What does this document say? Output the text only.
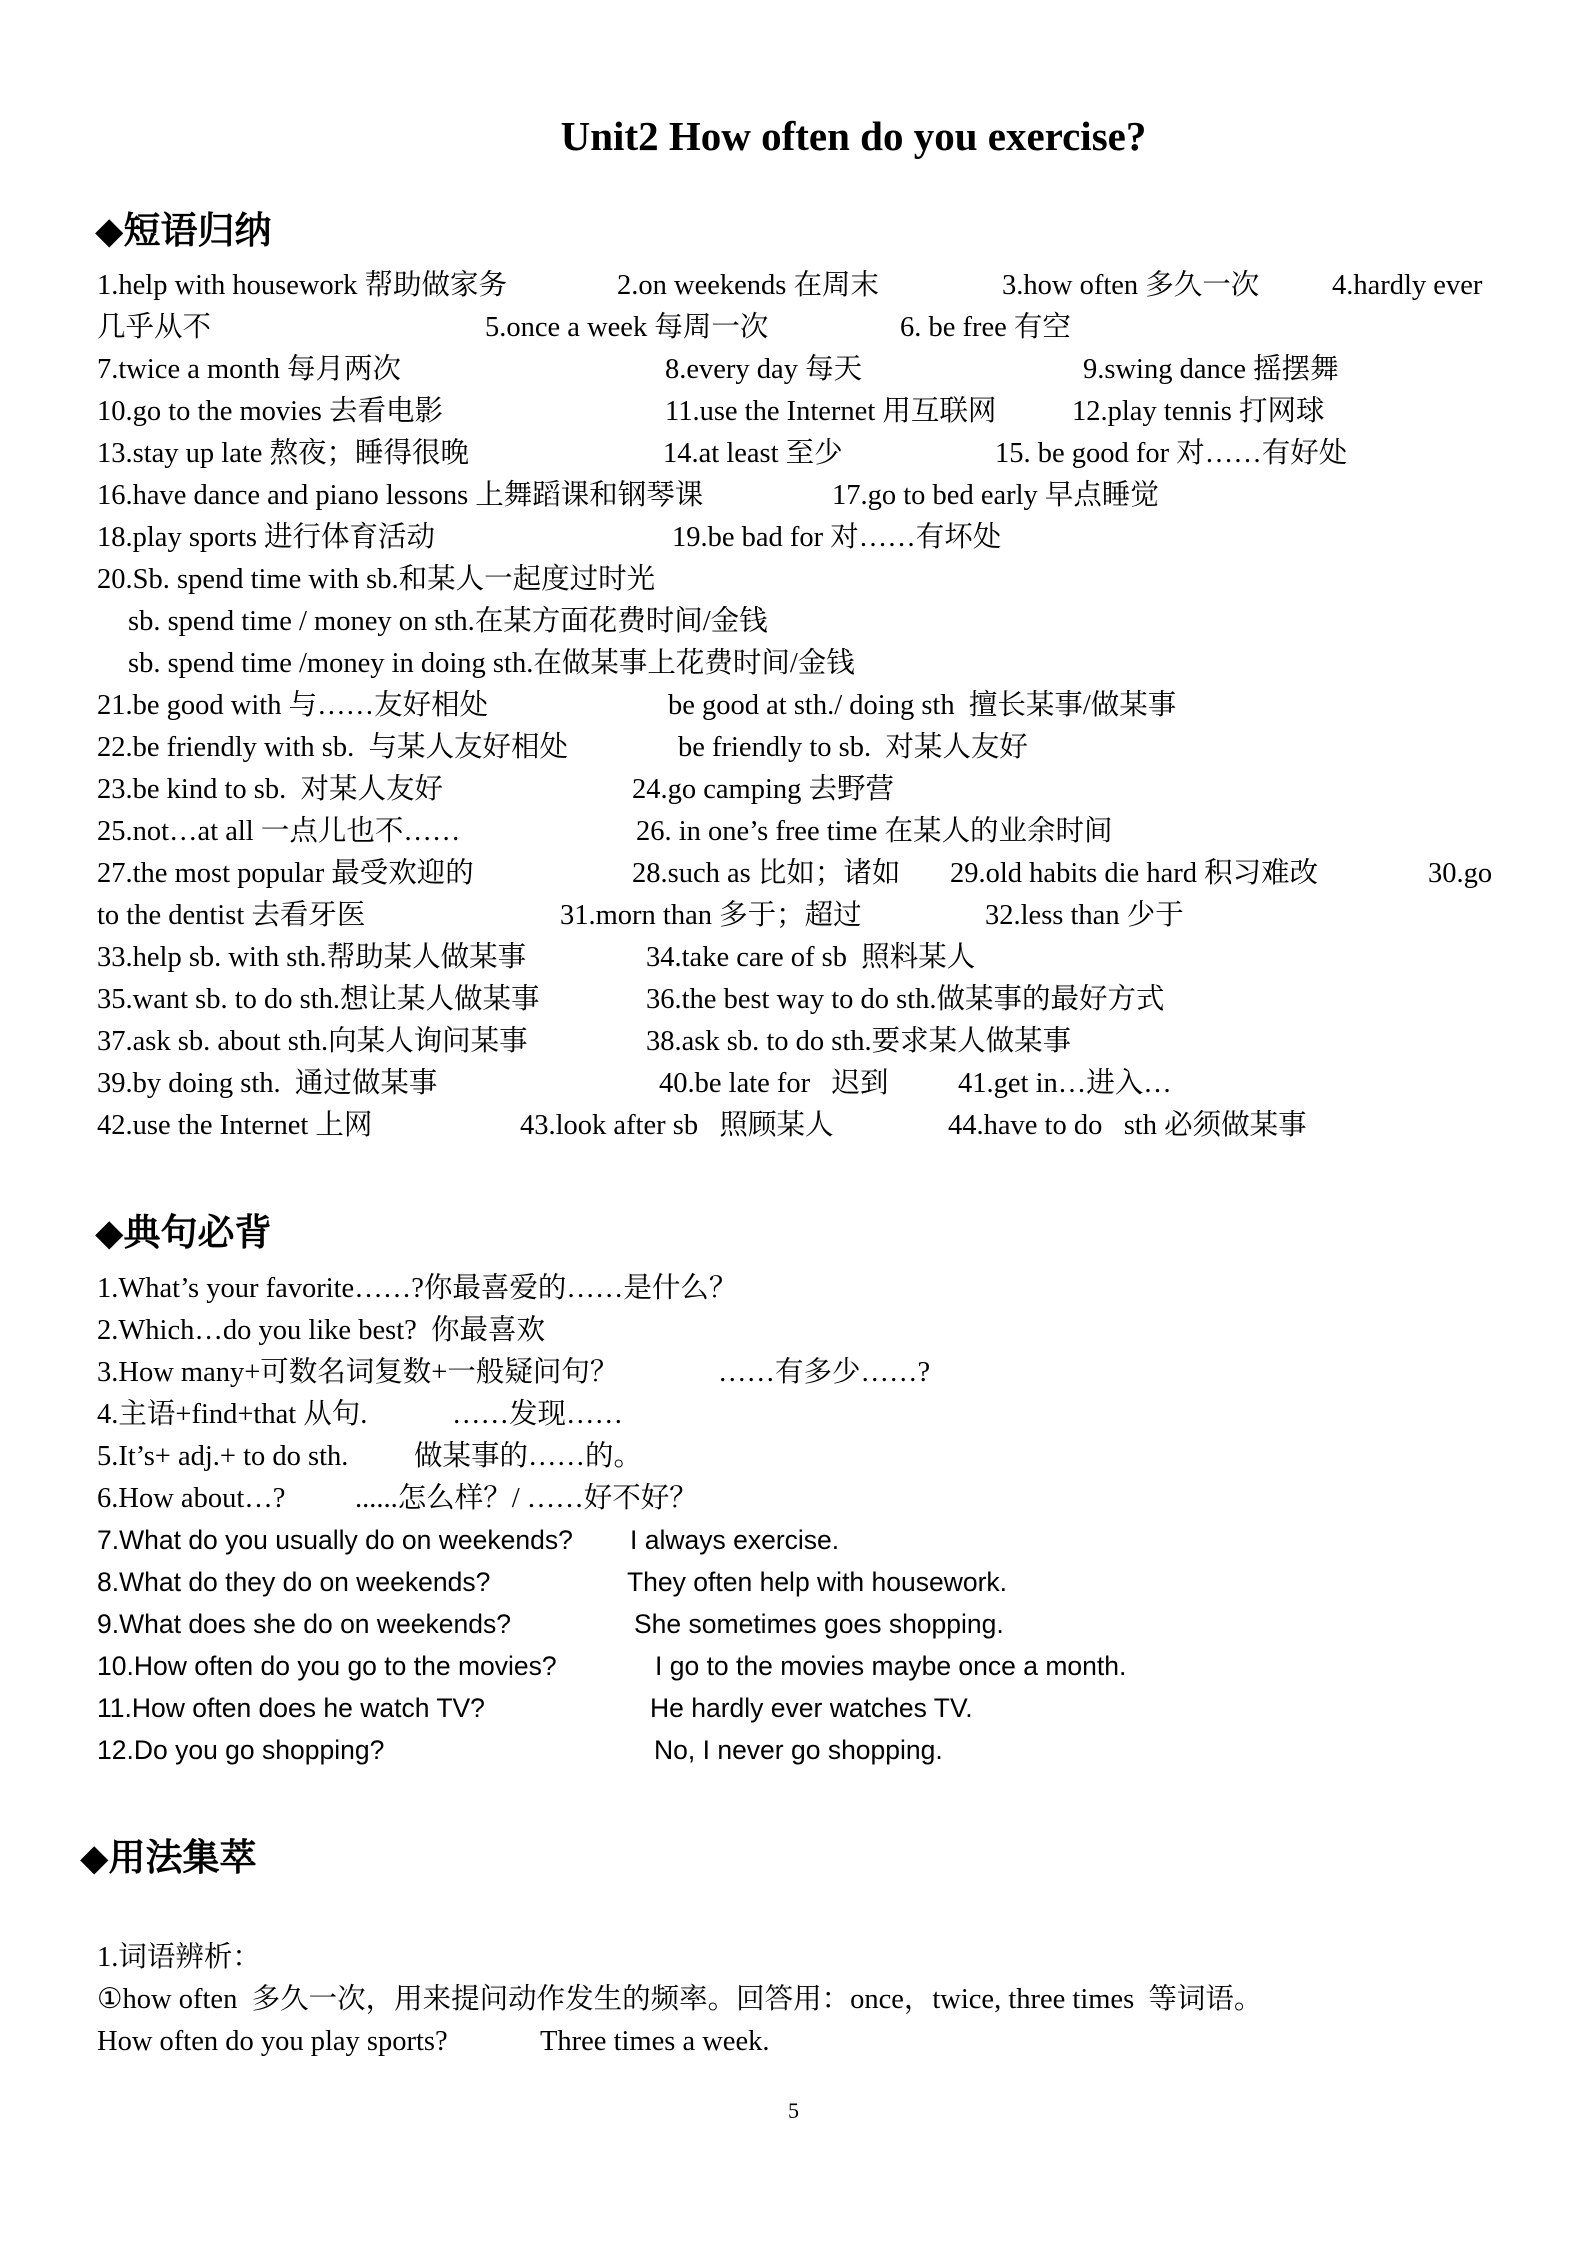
Unit2 How often do you exercise?
◆短语归纳
1.help with housework 帮助做家务	2.on weekends 在周末	3.how often 多久一次	4.hardly ever
几乎从不	5.once a week 每周一次	6. be free 有空
7.twice a month 每月两次	8.every day 每天	9.swing dance 摇摆舞
10.go to the movies 去看电影	11.use the Internet 用互联网	12.play tennis 打网球
13.stay up late 熬夜；睡得很晚	14.at least 至少	15. be good for 对……有好处
16.have dance and piano lessons 上舞蹈课和钢琴课	17.go to bed early 早点睡觉
18.play sports 进行体育活动	19.be bad for 对……有坏处
20.Sb. spend time with sb.和某人一起度过时光
sb. spend time / money on sth.在某方面花费时间/金钱
sb. spend time /money in doing sth.在做某事上花费时间/金钱
21.be good with 与……友好相处	be good at sth./ doing sth  擅长某事/做某事
22.be friendly with sb.  与某人友好相处	be friendly to sb.  对某人友好
23.be kind to sb.  对某人友好	24.go camping 去野营
25.not…at all 一点儿也不……	26. in one’s free time 在某人的业余时间
27.the most popular 最受欢迎的	28.such as 比如；诸如 29.old habits die hard 积习难改	30.go
to the dentist 去看牙医	31.morn than 多于；超过	32.less than 少于
33.help sb. with sth.帮助某人做某事	34.take care of sb  照料某人
35.want sb. to do sth.想让某人做某事	36.the best way to do sth.做某事的最好方式
37.ask sb. about sth.向某人询问某事	38.ask sb. to do sth.要求某人做某事
39.by doing sth.  通过做某事	40.be late for   迟到 41.get in…进入…
42.use the Internet 上网	43.look after sb   照顾某人	44.have to do   sth 必须做某事
◆典句必背
1.What’s your favorite……?你最喜爱的……是什么？
2.Which…do you like best?  你最喜欢
3.How many+可数名词复数+一般疑问句？	……有多少……?
4.主语+find+that 从句.	……发现……
5.It’s+ adj.+ to do sth. 做某事的……的。
6.How about…? ......怎么样？/ ……好不好？
7.What do you usually do on weekends? I always exercise.
8.What do they do on weekends?	They often help with housework.
9.What does she do on weekends?	She sometimes goes shopping.
10.How often do you go to the movies?	I go to the movies maybe once a month.
11.How often does he watch TV?	He hardly ever watches TV.
12.Do you go shopping?	No, I never go shopping.
◆用法集萃
1.词语辨析：
①how often  多久一次，用来提问动作发生的频率。回答用：once，twice, three times  等词语。
How often do you play sports?	Three times a week.
5
